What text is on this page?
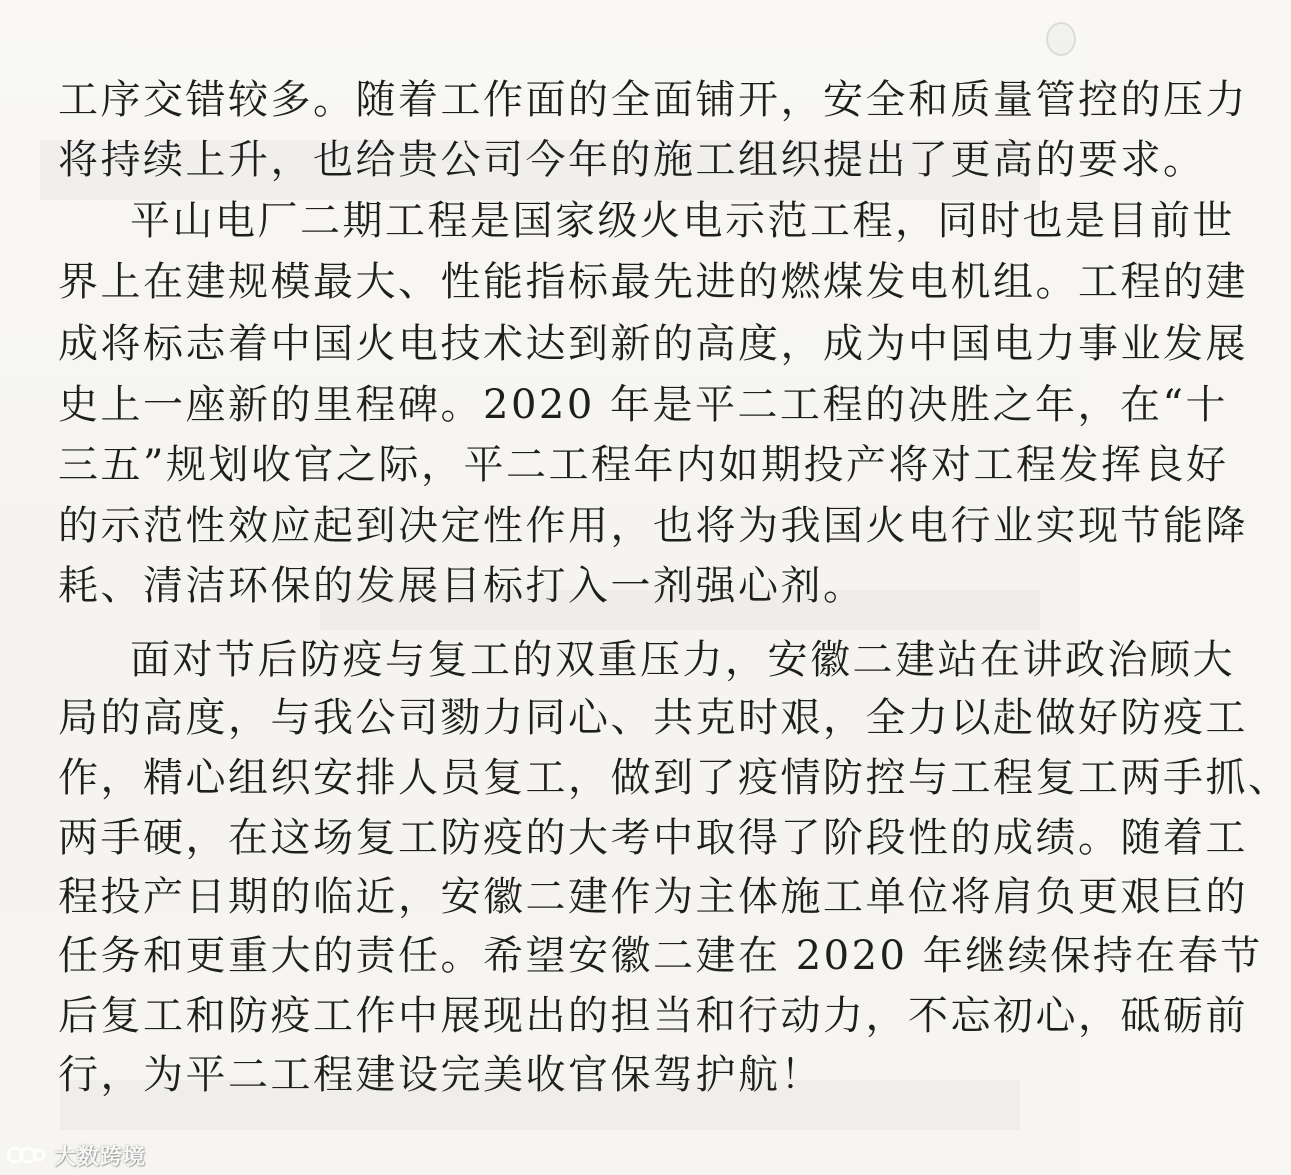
工序交错较多。随着工作面的全面铺开，安全和质量管控的压力
将持续上升，也给贵公司今年的施工组织提出了更高的要求。
平山电厂二期工程是国家级火电示范工程，同时也是目前世
界上在建规模最大、性能指标最先进的燃煤发电机组。工程的建
成将标志着中国火电技术达到新的高度，成为中国电力事业发展
史上一座新的里程碑。2020 年是平二工程的决胜之年，在“十
三五”规划收官之际，平二工程年内如期投产将对工程发挥良好
的示范性效应起到决定性作用，也将为我国火电行业实现节能降
耗、清洁环保的发展目标打入一剂强心剂。
面对节后防疫与复工的双重压力，安徽二建站在讲政治顾大
局的高度，与我公司勠力同心、共克时艰，全力以赴做好防疫工
作，精心组织安排人员复工，做到了疫情防控与工程复工两手抓、
两手硬，在这场复工防疫的大考中取得了阶段性的成绩。随着工
程投产日期的临近，安徽二建作为主体施工单位将肩负更艰巨的
任务和更重大的责任。希望安徽二建在 2020 年继续保持在春节
后复工和防疫工作中展现出的担当和行动力，不忘初心，砥砺前
行，为平二工程建设完美收官保驾护航！
大数跨境
